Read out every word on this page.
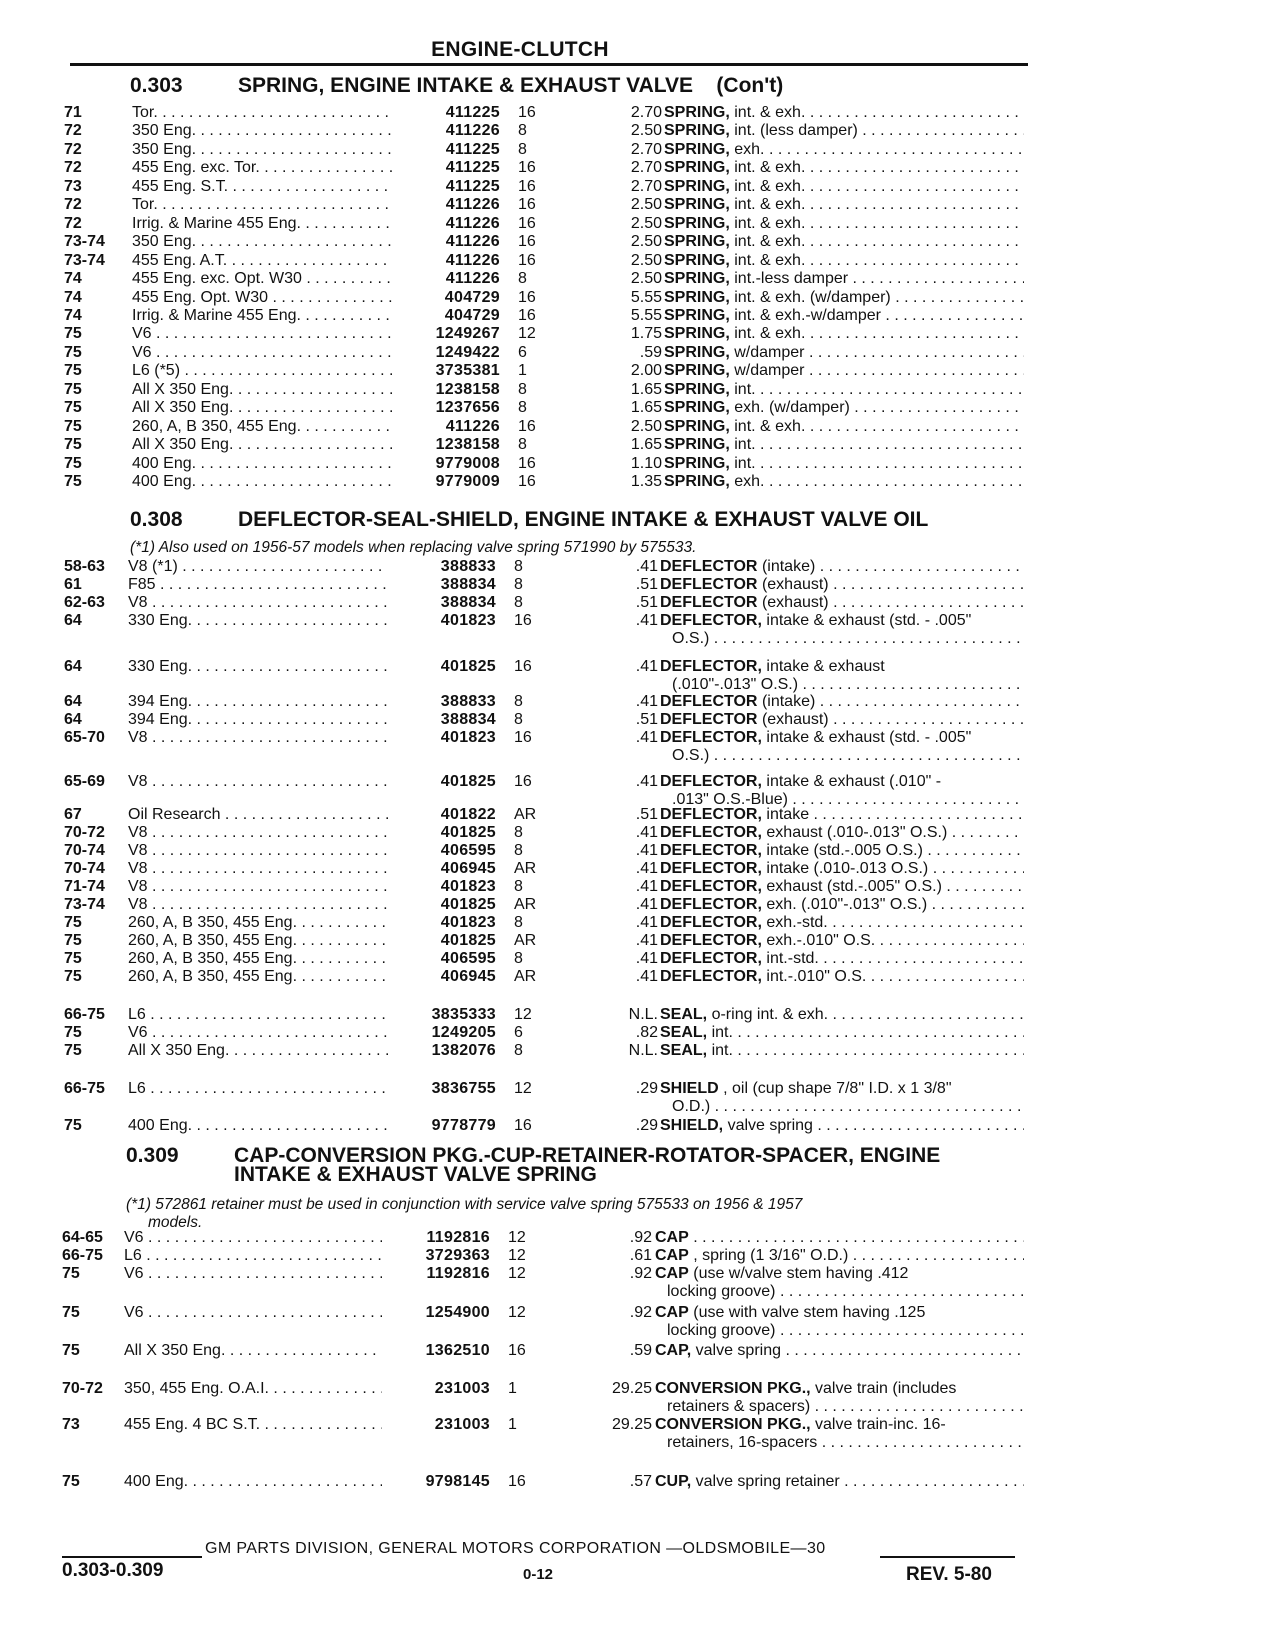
ENGINE-CLUTCH
0.303	SPRING, ENGINE INTAKE & EXHAUST VALVE (Con't)
71	Tor. . . .	411225 16	2.70 SPRING, int. & exh. . . .
72	350 Eng. . . .	411226 8	2.50 SPRING, int. (less damper) . . .
72	350 Eng. . . .	411225 8	2.70 SPRING, exh. . . .
72	455 Eng. exc. Tor. . . .	411225 16	2.70 SPRING, int. & exh. . . .
73	455 Eng. S.T. . . .	411225 16	2.70 SPRING, int. & exh. . . .
72	Tor. . . .	411226 16	2.50 SPRING, int. & exh. . . .
72	Irrig. & Marine 455 Eng. . . .	411226 16	2.50 SPRING, int. & exh. . . .
73-74 350 Eng. . . .	411226 16	2.50 SPRING, int. & exh. . . .
73-74 455 Eng. A.T. . . .	411226 16	2.50 SPRING, int. & exh. . . .
74	455 Eng. exc. Opt. W30 . . .	411226 8	2.50 SPRING, int.-less damper . . .
74	455 Eng. Opt. W30 . . .	404729 16	5.55 SPRING, int. & exh. (w/damper) . . .
74	Irrig. & Marine 455 Eng. . . .	404729 16	5.55 SPRING, int. & exh.-w/damper . . .
75	V6 . . .	1249267 12	1.75 SPRING, int. & exh. . . .
75	V6 . . .	1249422 6	.59 SPRING, w/damper . . .
75	L6 (*5) . . .	3735381 1	2.00 SPRING, w/damper . . .
75	All X 350 Eng. . . .	1238158 8	1.65 SPRING, int. . . .
75	All X 350 Eng. . . .	1237656 8	1.65 SPRING, exh. (w/damper) . . .
75	260, A, B 350, 455 Eng. . . .	411226 16	2.50 SPRING, int. & exh. . . .
75	All X 350 Eng. . . .	1238158 8	1.65 SPRING, int. . . .
75	400 Eng. . . .	9779008 16	1.10 SPRING, int. . . .
75	400 Eng. . . .	9779009 16	1.35 SPRING, exh. . . .
0.308	DEFLECTOR-SEAL-SHIELD, ENGINE INTAKE & EXHAUST VALVE OIL
(*1) Also used on 1956-57 models when replacing valve spring 571990 by 575533.
58-63 V8 (*1) . . .	388833 8	.41 DEFLECTOR (intake) . . .
61	F85 . . .	388834 8	.51 DEFLECTOR (exhaust) . . .
62-63 V8 . . .	388834 8	.51 DEFLECTOR (exhaust) . . .
64	330 Eng. . . .	401823 16	.41 DEFLECTOR, intake & exhaust (std. - .005"
O.S.) . . .
64	330 Eng. . . .	401825 16	.41 DEFLECTOR, intake & exhaust
(.010"-.013" O.S.) . . .
64	394 Eng. . . .	388833 8	.41 DEFLECTOR (intake) . . .
64	394 Eng. . . .	388834 8	.51 DEFLECTOR (exhaust) . . .
65-70 V8 . . .	401823 16	.41 DEFLECTOR, intake & exhaust (std. - .005"
O.S.) . . .
65-69 V8 . . .	401825 16	.41 DEFLECTOR, intake & exhaust (.010" -
.013" O.S.-Blue) . . .
67	Oil Research . . .	401822 AR	.51 DEFLECTOR, intake . . .
70-72 V8 . . .	401825 8	.41 DEFLECTOR, exhaust (.010-.013" O.S.) . . .
70-74 V8 . . .	406595 8	.41 DEFLECTOR, intake (std.-.005 O.S.) . . .
70-74 V8 . . .	406945 AR	.41 DEFLECTOR, intake (.010-.013 O.S.) . . .
71-74 V8 . . .	401823 8	.41 DEFLECTOR, exhaust (std.-.005" O.S.) . . .
73-74 V8 . . .	401825 AR	.41 DEFLECTOR, exh. (.010"-.013" O.S.) . . .
75	260, A, B 350, 455 Eng. . . .	401823 8	.41 DEFLECTOR, exh.-std. . . .
75	260, A, B 350, 455 Eng. . . .	401825 AR	.41 DEFLECTOR, exh.-.010" O.S. . . .
75	260, A, B 350, 455 Eng. . . .	406595 8	.41 DEFLECTOR, int.-std. . . .
75	260, A, B 350, 455 Eng. . . .	406945 AR	.41 DEFLECTOR, int.-.010" O.S. . . .
66-75 L6 . . .	3835333 12	N.L. SEAL, o-ring int. & exh. . . .
75	V6 . . .	1249205 6	.82 SEAL, int. . . .
75	All X 350 Eng. . . .	1382076 8	N.L. SEAL, int. . . .
66-75 L6 . . .	3836755 12	.29 SHIELD , oil (cup shape 7/8" I.D. x 1 3/8"
O.D.) . . .
75	400 Eng. . . .	9778779 16	.29 SHIELD, valve spring . . .
0.309	CAP-CONVERSION PKG.-CUP-RETAINER-ROTATOR-SPACER, ENGINE
INTAKE & EXHAUST VALVE SPRING
(*1) 572861 retainer must be used in conjunction with service valve spring 575533 on 1956 & 1957
models.
64-65 V6 . . .	1192816 12	.92 CAP . . .
66-75 L6 . . .	3729363 12	.61 CAP , spring (1 3/16" O.D.) . . .
75	V6 . . .	1192816 12	.92 CAP (use w/valve stem having .412
locking groove) . . .
75	V6 . . .	1254900 12	.92 CAP (use with valve stem having .125
locking groove) . . .
75	All X 350 Eng. . . .	1362510 16	.59 CAP, valve spring . . .
70-72 350, 455 Eng. O.A.I. . . .	231003 1	29.25 CONVERSION PKG., valve train (includes
retainers & spacers) . . .
73	455 Eng. 4 BC S.T. . . .	231003 1	29.25 CONVERSION PKG., valve train-inc. 16-
retainers, 16-spacers . . .
75	400 Eng. . . .	9798145 16	.57 CUP, valve spring retainer . . .
GM PARTS DIVISION, GENERAL MOTORS CORPORATION —OLDSMOBILE—30
0.303-0.309	0-12	REV. 5-80
